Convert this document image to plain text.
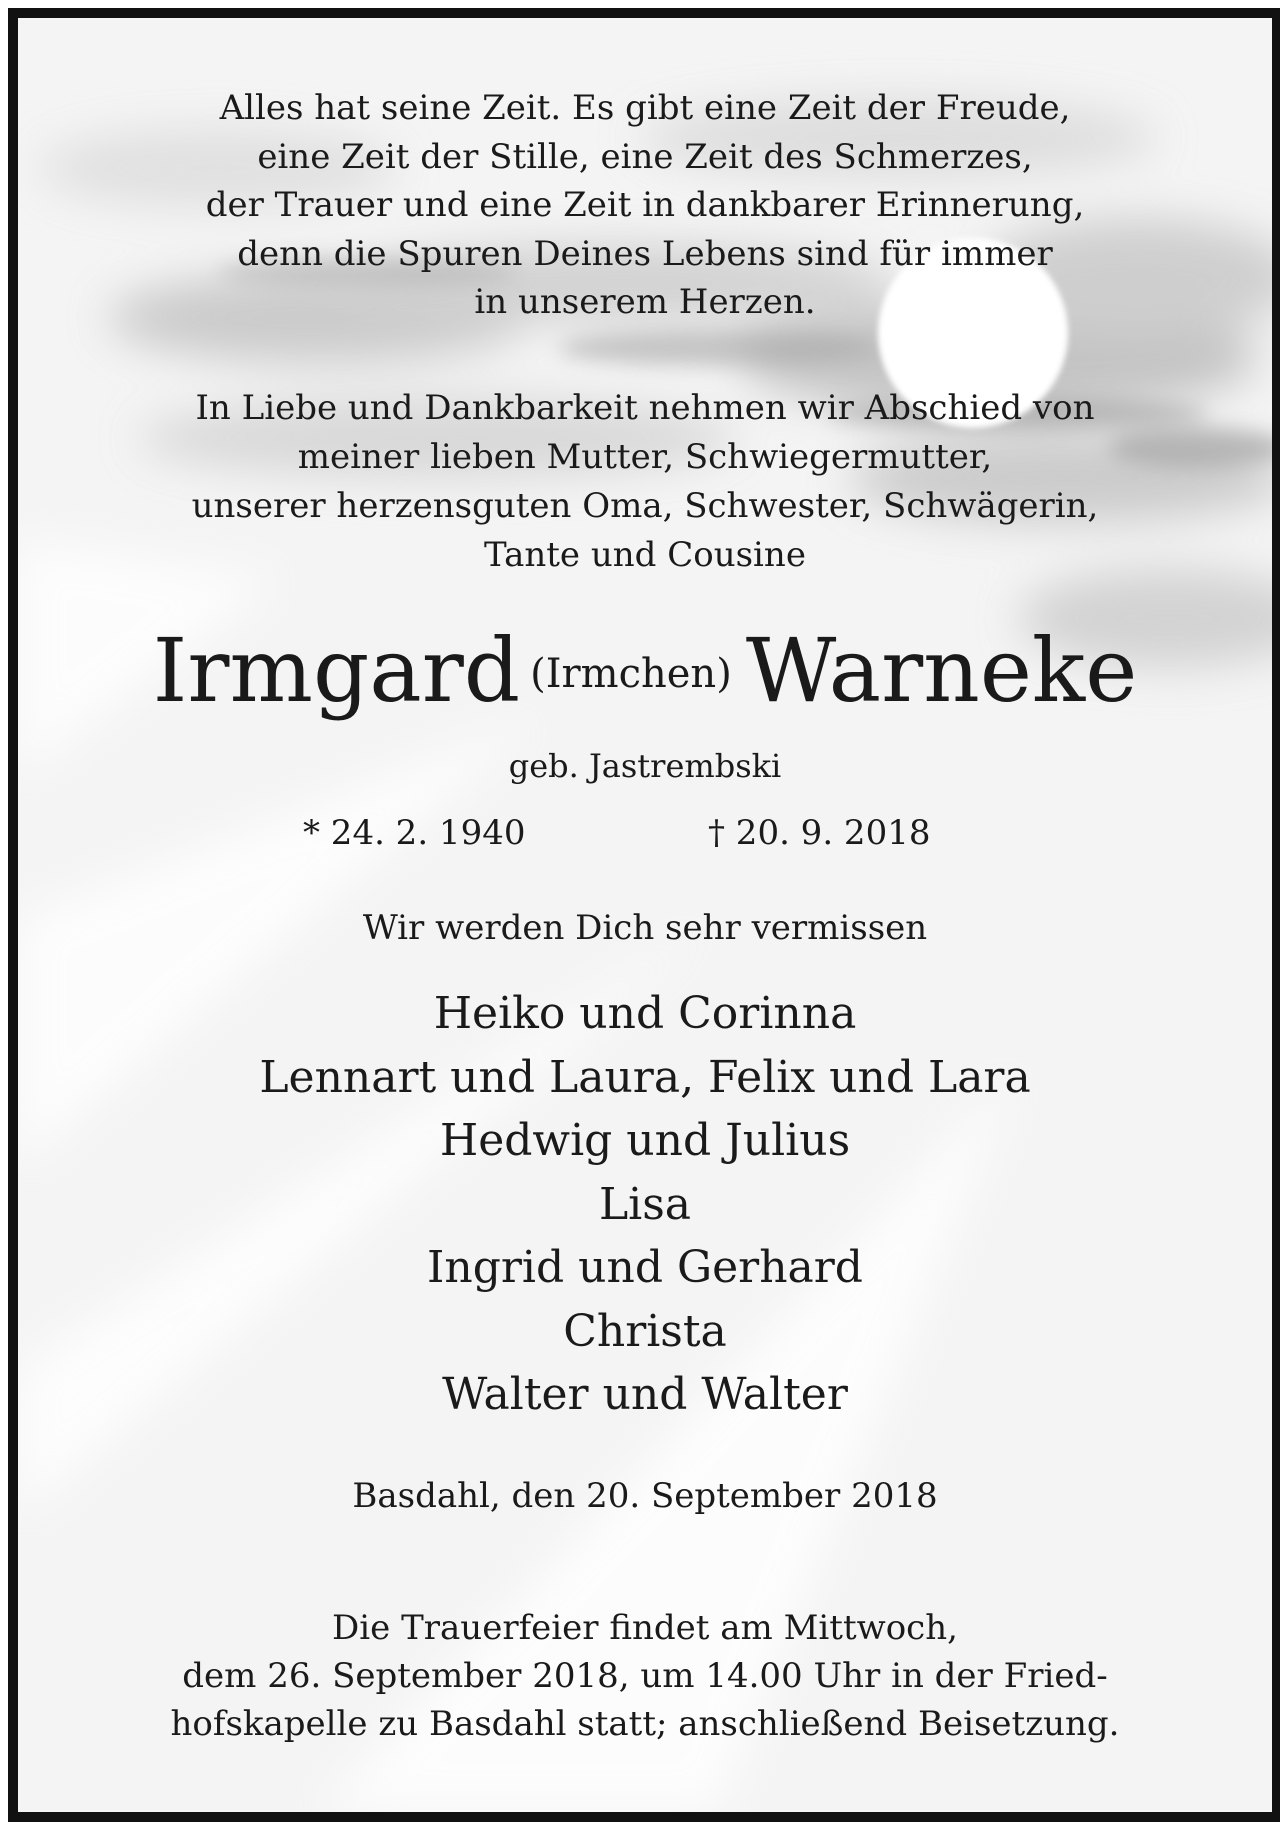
Alles hat seine Zeit. Es gibt eine Zeit der Freude,
eine Zeit der Stille, eine Zeit des Schmerzes,
der Trauer und eine Zeit in dankbarer Erinnerung,
denn die Spuren Deines Lebens sind für immer
in unserem Herzen.
In Liebe und Dankbarkeit nehmen wir Abschied von
meiner lieben Mutter, Schwiegermutter,
unserer herzensguten Oma, Schwester, Schwägerin,
Tante und Cousine
Irmgard (Irmchen) Warneke
geb. Jastrembski
* 24. 2. 1940	† 20. 9. 2018
Wir werden Dich sehr vermissen
Heiko und Corinna
Lennart und Laura, Felix und Lara
Hedwig und Julius
Lisa
Ingrid und Gerhard
Christa
Walter und Walter
Basdahl, den 20. September 2018
Die Trauerfeier findet am Mittwoch,
dem 26. September 2018, um 14.00 Uhr in der Fried-
hofskapelle zu Basdahl statt; anschließend Beisetzung.
